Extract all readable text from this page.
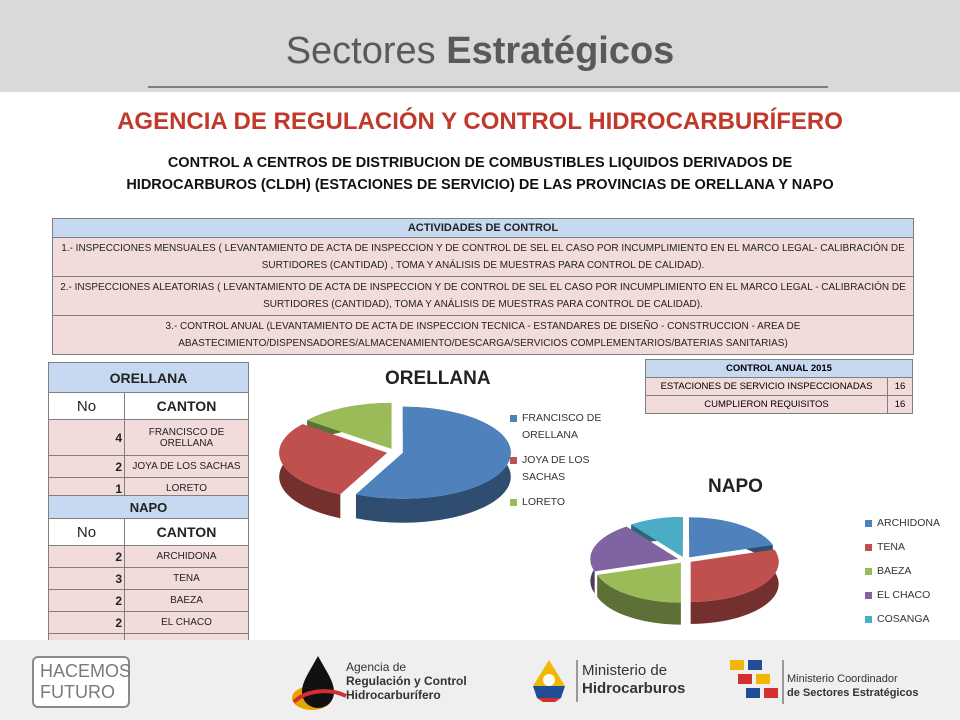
Sectores Estratégicos
AGENCIA DE REGULACIÓN Y CONTROL HIDROCARBURÍFERO
CONTROL A CENTROS DE DISTRIBUCION DE COMBUSTIBLES LIQUIDOS DERIVADOS DE
HIDROCARBUROS (CLDH) (ESTACIONES DE SERVICIO) DE LAS PROVINCIAS DE ORELLANA Y NAPO
ACTIVIDADES DE CONTROL
1.- INSPECCIONES MENSUALES ( LEVANTAMIENTO DE ACTA DE INSPECCION Y DE CONTROL DE SEL EL CASO POR INCUMPLIMIENTO EN EL MARCO LEGAL- CALIBRACIÓN DE SURTIDORES (CANTIDAD) , TOMA Y ANÁLISIS DE MUESTRAS PARA CONTROL DE CALIDAD).
2.- INSPECCIONES ALEATORIAS ( LEVANTAMIENTO DE ACTA DE INSPECCION Y DE CONTROL DE SEL EL CASO POR INCUMPLIMIENTO EN EL MARCO LEGAL - CALIBRACIÓN DE SURTIDORES (CANTIDAD), TOMA Y ANÁLISIS DE MUESTRAS PARA CONTROL DE CALIDAD).
3.- CONTROL ANUAL (LEVANTAMIENTO DE ACTA DE INSPECCION TECNICA - ESTANDARES DE DISEÑO - CONSTRUCCION - AREA DE ABASTECIMIENTO/DISPENSADORES/ALMACENAMIENTO/DESCARGA/SERVICIOS COMPLEMENTARIOS/BATERIAS SANITARIAS)
ORELLANA	
No	CANTON
4	FRANCISCO DE ORELLANA
2	JOYA DE LOS SACHAS
1	LORETO
NAPO	
No	CANTON
2	ARCHIDONA
3	TENA
2	BAEZA
2	EL CHACO

CONTROL ANUAL 2015	
ESTACIONES DE SERVICIO INSPECCIONADAS	16
CUMPLIERON REQUISITOS	16
ORELLANA
FRANCISCO DE ORELLANA
JOYA DE LOS SACHAS
LORETO
NAPO
ARCHIDONA
TENA
BAEZA
EL CHACO
COSANGA
HACEMOS
FUTURO
Agencia de
Regulación y Control
Hidrocarburífero
Ministerio de
Hidrocarburos
Ministerio Coordinador
de Sectores Estratégicos
